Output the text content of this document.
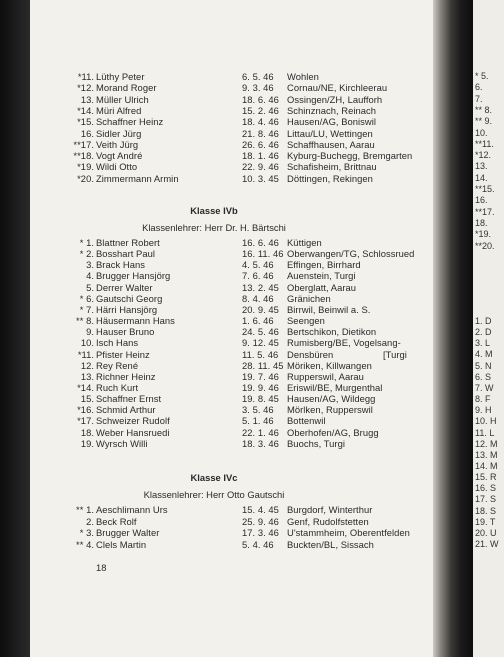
*11. Lüthy Peter	6. 5. 46 Wohlen
*12. Morand Roger	9. 3. 46 Cornau/NE, Kirchleerau
13. Müller Ulrich	18. 6. 46 Ossingen/ZH, Laufforh
*14. Müri Alfred	15. 2. 46 Schinznach, Reinach
*15. Schaffner Heinz	18. 4. 46 Hausen/AG, Boniswil
16. Sidler Jürg	21. 8. 46 Littau/LU, Wettingen
**17. Veith Jürg	26. 6. 46 Schaffhausen, Aarau
**18. Vogt André	18. 1. 46 Kyburg-Buchegg, Bremgarten
*19. Wildi Otto	22. 9. 46 Schafisheim, Brittnau
*20. Zimmermann Armin	10. 3. 45 Döttingen, Rekingen
Klasse IVb
Klassenlehrer: Herr Dr. H. Bärtschi
* 1. Blattner Robert	16. 6. 46 Küttigen
* 2. Bosshart Paul	16. 11. 46 Oberwangen/TG, Schlossrued
3. Brack Hans	4. 5. 46 Effingen, Birrhard
4. Brugger Hansjörg	7. 6. 46 Auenstein, Turgi
5. Derrer Walter	13. 2. 45 Oberglatt, Aarau
* 6. Gautschi Georg	8. 4. 46 Gränichen
* 7. Härri Hansjörg	20. 9. 45 Birrwil, Beinwil a. S.
** 8. Häusermann Hans	1. 6. 46 Seengen
9. Hauser Bruno	24. 5. 46 Bertschikon, Dietikon
10. Isch Hans	9. 12. 45 Rumisberg/BE, Vogelsang-
*11. Pfister Heinz	11. 5. 46 Densbüren	[Turgi
12. Rey René	28. 11. 45 Möriken, Killwangen
13. Richner Heinz	19. 7. 46 Rupperswil, Aarau
*14. Ruch Kurt	19. 9. 46 Eriswil/BE, Murgenthal
15. Schaffner Ernst	19. 8. 45 Hausen/AG, Wildegg
*16. Schmid Arthur	3. 5. 46 Mörlken, Rupperswil
*17. Schweizer Rudolf	5. 1. 46 Bottenwil
18. Weber Hansruedi	22. 1. 46 Oberhofen/AG, Brugg
19. Wyrsch Willi	18. 3. 46 Buochs, Turgi
Klasse IVc
Klassenlehrer: Herr Otto Gautschi
** 1. Aeschlimann Urs	15. 4. 45 Burgdorf, Winterthur
2. Beck Rolf	25. 9. 46 Genf, Rudolfstetten
* 3. Brugger Walter	17. 3. 46 U'stammheim, Oberentfelden
** 4. Clels Martin	5. 4. 46 Buckten/BL, Sissach
18
* 5.
6.
7.
** 8.
** 9.
10.
**11.
*12.
13.
14.
**15.
16.
**17.
18.
*19.
**20.
1. D
2. D
3. L
4. M
5. N
6. S
7. W
8. F
9. H
10. H
11. L
12. M
13. M
14. M
15. R
16. S
17. S
18. S
19. T
20. U
21. W
